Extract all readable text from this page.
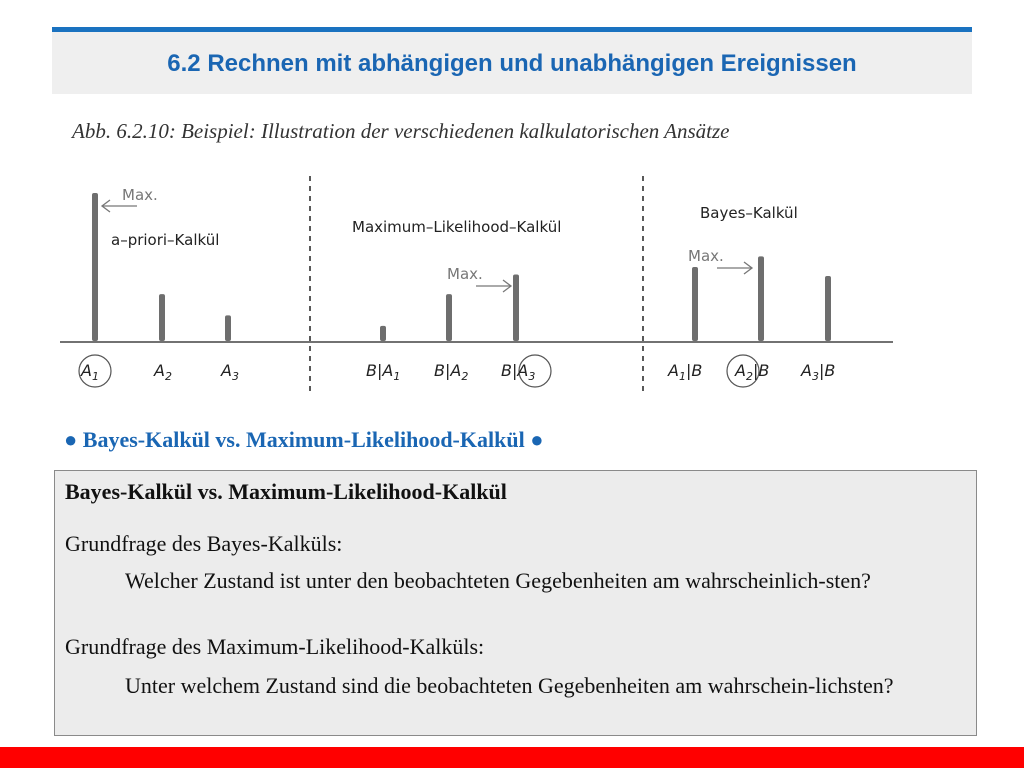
6.2 Rechnen mit abhängigen und unabhängigen Ereignissen
Abb. 6.2.10: Beispiel: Illustration der verschiedenen kalkulatorischen Ansätze
a–priori–Kalkül
Maximum–Likelihood–Kalkül
Bayes–Kalkül
Max.
Max.
Max.
$A_1$	$A_2$	$A_3$	$B|A_1$ $B|A_2$ $B|A_3$	$A_1|B$ $A_2|B$ $A_3|B$
● Bayes-Kalkül vs. Maximum-Likelihood-Kalkül ●
Bayes-Kalkül vs. Maximum-Likelihood-Kalkül
Grundfrage des Bayes-Kalküls:
Welcher Zustand ist unter den beobachteten Gegebenheiten am wahrscheinlich-sten?
Grundfrage des Maximum-Likelihood-Kalküls:
Unter welchem Zustand sind die beobachteten Gegebenheiten am wahrschein-lichsten?
